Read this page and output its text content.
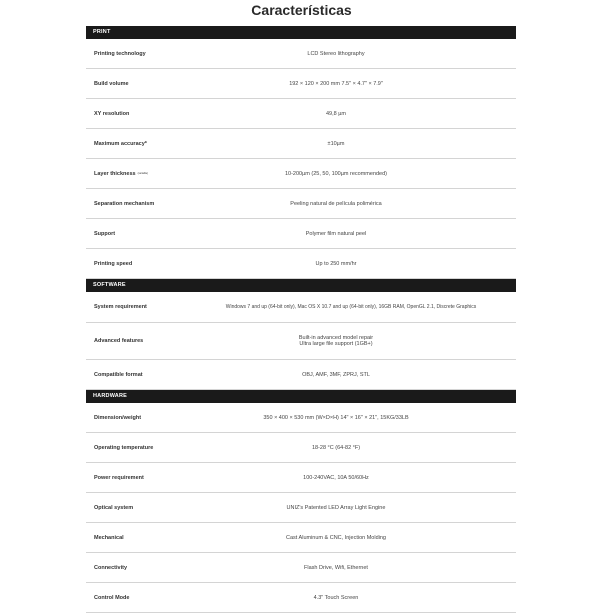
Características
PRINT
Printing technology	LCD Stereo lithography
Build volume	192 × 120 × 200 mm 7.5" × 4.7" × 7.9"
XY resolution	49,8 µm
Maximum accuracy*	±10µm
Layer thickness (variable)	10-200µm (25, 50, 100µm recommended)
Separation mechanism	Peeling natural de película polimérica
Support	Polymer film natural peel
Printing speed	Up to 250 mm/hr
SOFTWARE
System requirement	Windows 7 and up (64-bit only), Mac OS X 10.7 and up (64-bit only), 16GB RAM, OpenGL 2.1, Discrete Graphics
Advanced features	Built-in advanced model repair
Ultra large file support (1GB+)
Compatible format	OBJ, AMF, 3MF, ZPRJ, STL
HARDWARE
Dimension/weight	350 × 400 × 530 mm (W×D×H) 14" × 16" × 21", 15KG/33LB
Operating temperature	18-28 °C (64-82 °F)
Power requirement	100-240VAC, 10A 50/60Hz
Optical system	UNIZ's Patented LED Array Light Engine
Mechanical	Cast Aluminum & CNC, Injection Molding
Connectivity	Flash Drive, Wifi, Ethernet
Control Mode	4.3" Touch Screen
